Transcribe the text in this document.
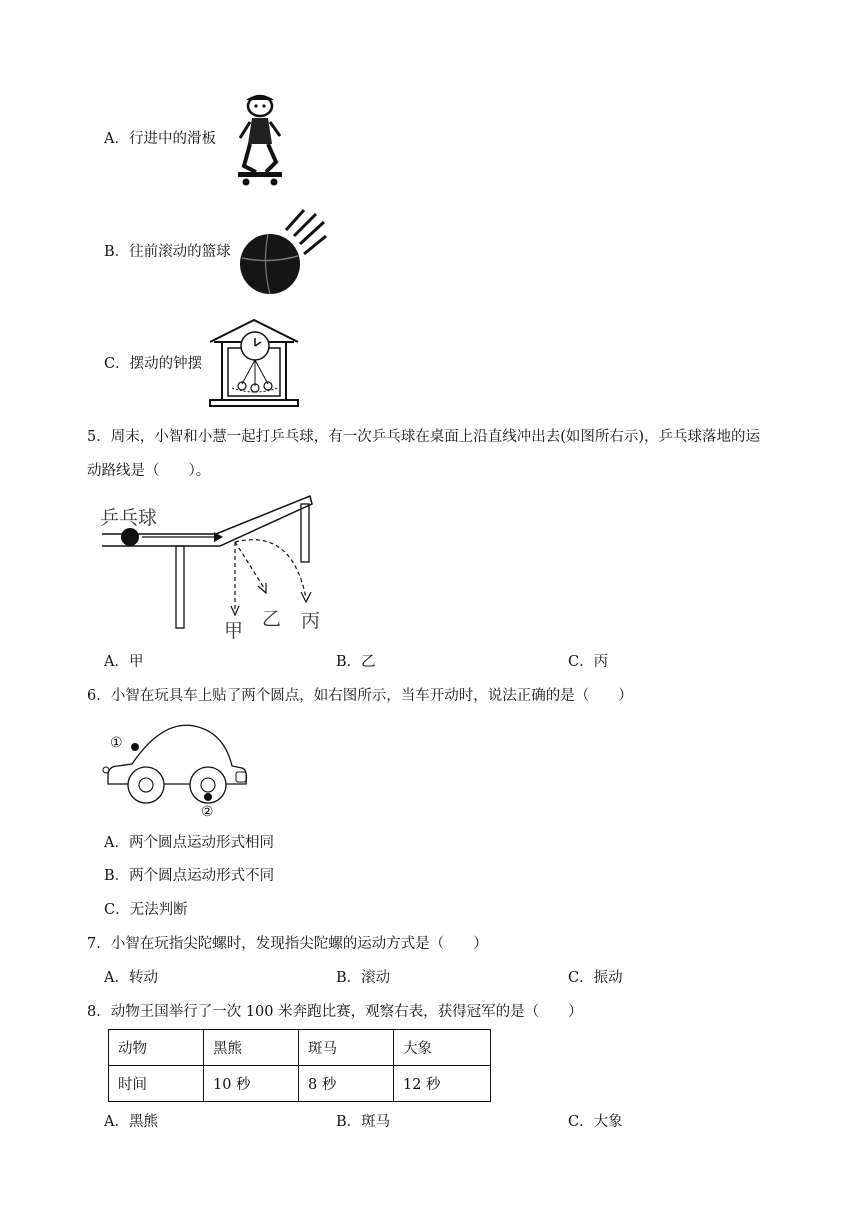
A．行进中的滑板
B．往前滚动的篮球
C．摆动的钟摆
5．周末，小智和小慧一起打乒乓球，有一次乒乓球在桌面上沿直线冲出去(如图所右示)，乒乓球落地的运
动路线是（　　）。
乒乓球
甲
乙 丙
A．甲	B．乙	C．丙
6．小智在玩具车上贴了两个圆点，如右图所示，当车开动时，说法正确的是（　　）
①
②
A．两个圆点运动形式相同
B．两个圆点运动形式不同
C．无法判断
7．小智在玩指尖陀螺时，发现指尖陀螺的运动方式是（　　）
A．转动	B．滚动	C．振动
8．动物王国举行了一次 100 米奔跑比赛，观察右表，获得冠军的是（　　）
动物	黑熊	斑马	大象
时间	10 秒	8 秒	12 秒
A．黑熊	B．斑马	C．大象
